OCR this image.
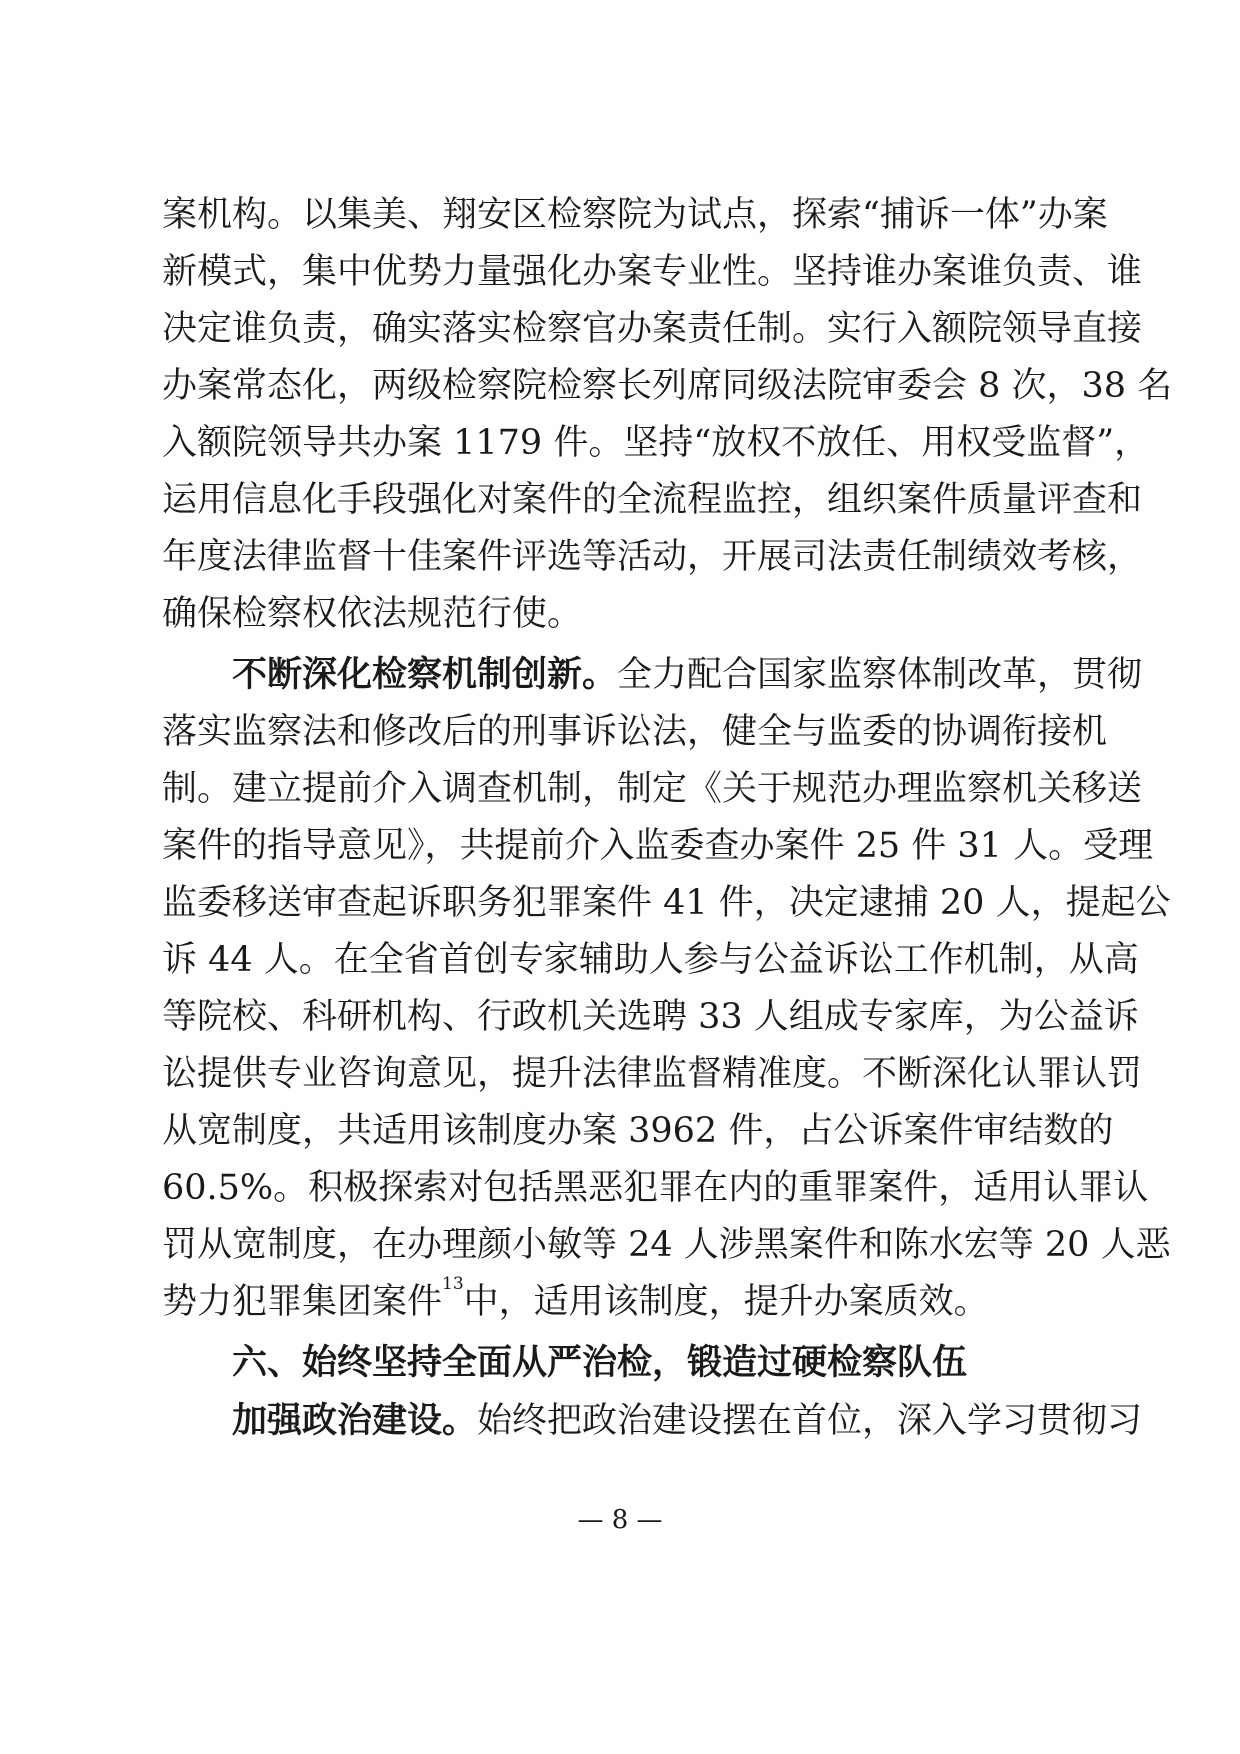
案机构。以集美、翔安区检察院为试点，探索“捕诉一体”办案
新模式，集中优势力量强化办案专业性。坚持谁办案谁负责、谁
决定谁负责，确实落实检察官办案责任制。实行入额院领导直接
办案常态化，两级检察院检察长列席同级法院审委会 8 次，38 名
入额院领导共办案 1179 件。坚持“放权不放任、用权受监督”，
运用信息化手段强化对案件的全流程监控，组织案件质量评查和
年度法律监督十佳案件评选等活动，开展司法责任制绩效考核，
确保检察权依法规范行使。
不断深化检察机制创新。全力配合国家监察体制改革，贯彻
落实监察法和修改后的刑事诉讼法，健全与监委的协调衔接机
制。建立提前介入调查机制，制定《关于规范办理监察机关移送
案件的指导意见》，共提前介入监委查办案件 25 件 31 人。受理
监委移送审查起诉职务犯罪案件 41 件，决定逮捕 20 人，提起公
诉 44 人。在全省首创专家辅助人参与公益诉讼工作机制，从高
等院校、科研机构、行政机关选聘 33 人组成专家库，为公益诉
讼提供专业咨询意见，提升法律监督精准度。不断深化认罪认罚
从宽制度，共适用该制度办案 3962 件，占公诉案件审结数的
60.5%。积极探索对包括黑恶犯罪在内的重罪案件，适用认罪认
罚从宽制度，在办理颜小敏等 24 人涉黑案件和陈水宏等 20 人恶
势力犯罪集团案件$^{13}$中，适用该制度，提升办案质效。
六、始终坚持全面从严治检，锻造过硬检察队伍
加强政治建设。始终把政治建设摆在首位，深入学习贯彻习
— 8 —
